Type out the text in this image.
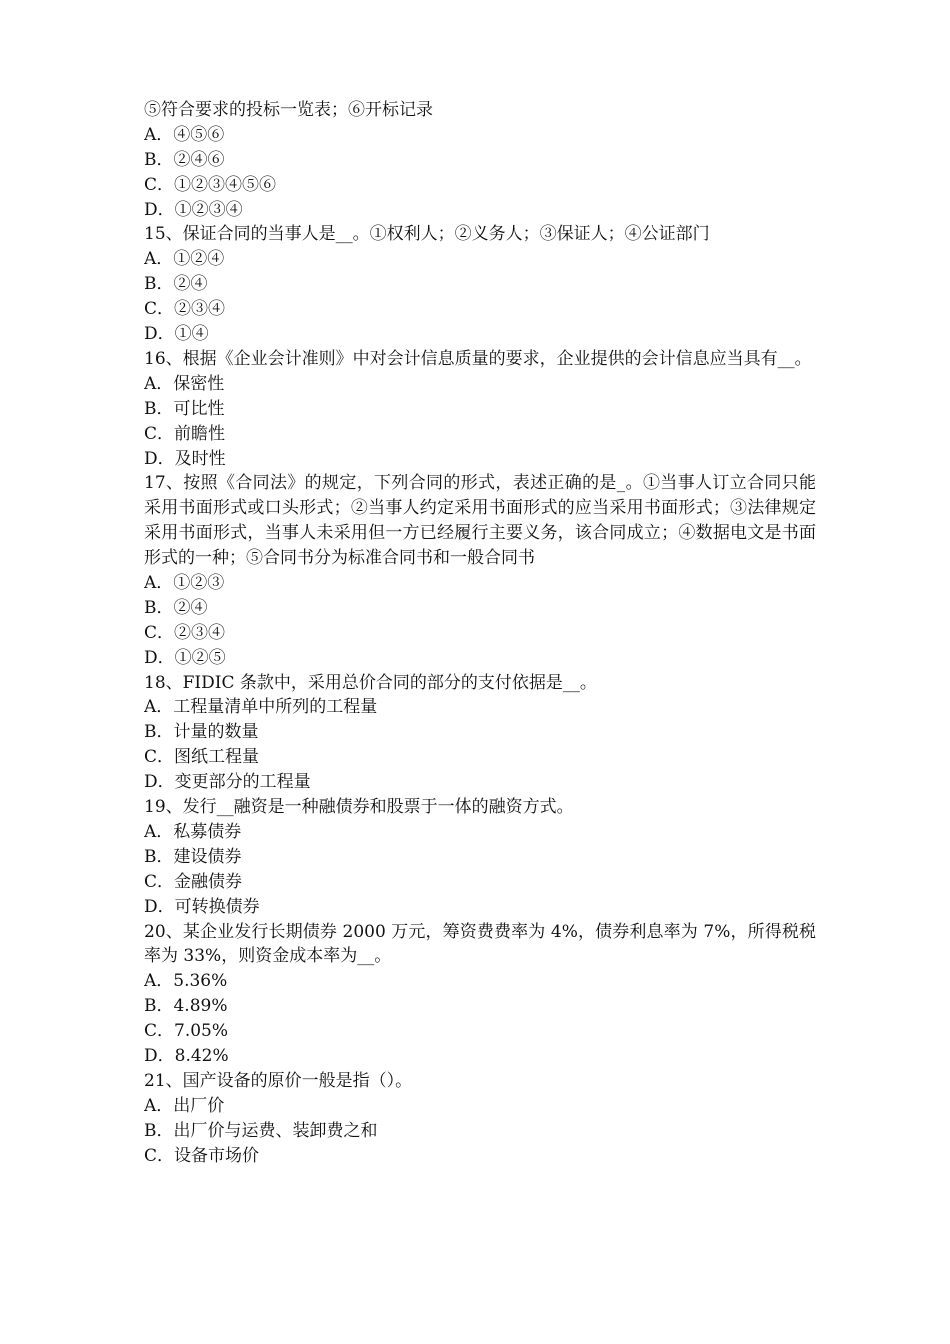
⑤符合要求的投标一览表；⑥开标记录
A．④⑤⑥
B．②④⑥
C．①②③④⑤⑥
D．①②③④
15、保证合同的当事人是__。①权利人；②义务人；③保证人；④公证部门
A．①②④
B．②④
C．②③④
D．①④
16、根据《企业会计准则》中对会计信息质量的要求，企业提供的会计信息应当具有__。
A．保密性
B．可比性
C．前瞻性
D．及时性
17、按照《合同法》的规定，下列合同的形式，表述正确的是_。①当事人订立合同只能采用书面形式或口头形式；②当事人约定采用书面形式的应当采用书面形式；③法律规定采用书面形式，当事人未采用但一方已经履行主要义务，该合同成立；④数据电文是书面形式的一种；⑤合同书分为标准合同书和一般合同书
A．①②③
B．②④
C．②③④
D．①②⑤
18、FIDIC 条款中，采用总价合同的部分的支付依据是__。
A．工程量清单中所列的工程量
B．计量的数量
C．图纸工程量
D．变更部分的工程量
19、发行__融资是一种融债券和股票于一体的融资方式。
A．私募债券
B．建设债券
C．金融债券
D．可转换债券
20、某企业发行长期债券 2000 万元，筹资费费率为 4%，债券利息率为 7%，所得税税率为 33%，则资金成本率为__。
A．5.36%
B．4.89%
C．7.05%
D．8.42%
21、国产设备的原价一般是指（）。
A．出厂价
B．出厂价与运费、装卸费之和
C．设备市场价
